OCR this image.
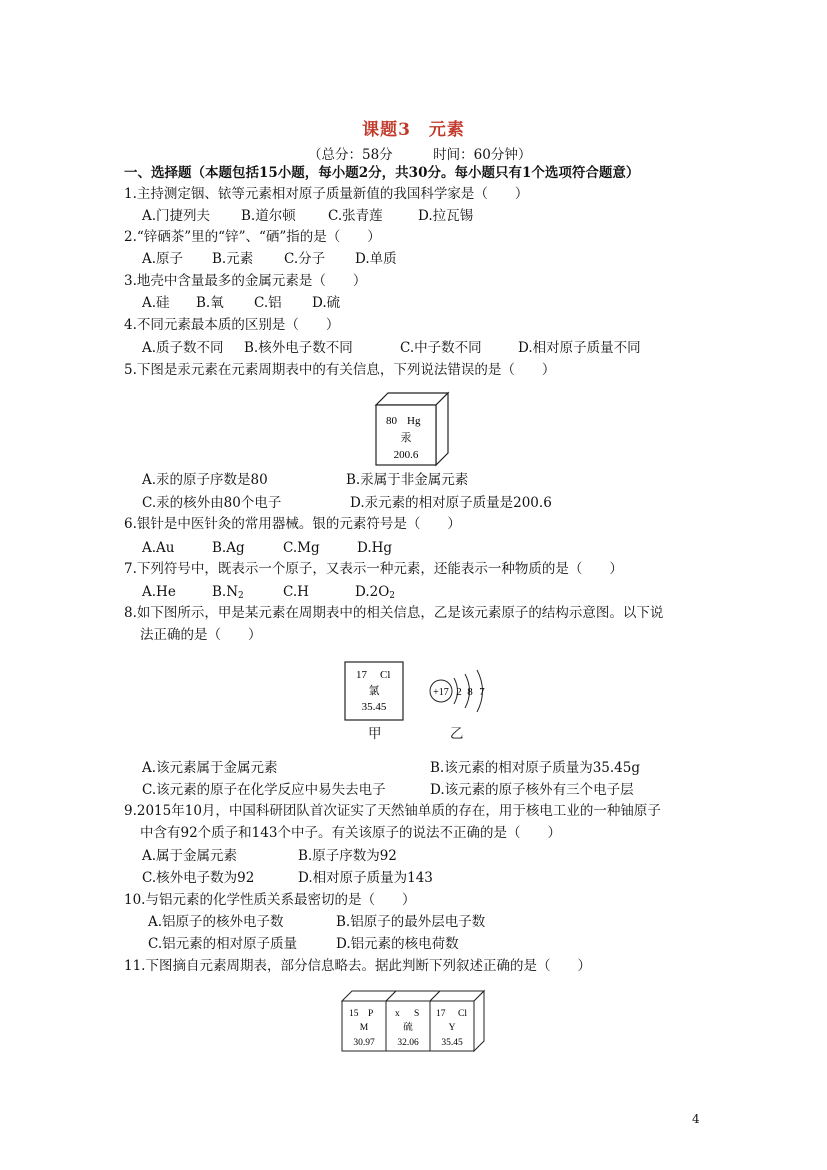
课题3　元素
（总分：58分　　　时间：60分钟）
一、选择题（本题包括15小题，每小题2分，共30分。每小题只有1个选项符合题意）
1.主持测定铟、铱等元素相对原子质量新值的我国科学家是（　　）
A.门捷列夫 B.道尔顿 C.张青莲	D.拉瓦锡
2.“锌硒茶”里的“锌”、“硒”指的是（　　）
A.原子 B.元素 C.分子 D.单质
3.地壳中含量最多的金属元素是（　　）
A.硅 B.氧 C.铝 D.硫
4.不同元素最本质的区别是（　　）
A.质子数不同 B.核外电子数不同	C.中子数不同	D.相对原子质量不同
5.下图是汞元素在元素周期表中的有关信息，下列说法错误的是（　　）
80 Hg
汞
200.6
A.汞的原子序数是80	B.汞属于非金属元素
C.汞的核外由80个电子	D.汞元素的相对原子质量是200.6
6.银针是中医针灸的常用器械。银的元素符号是（　　）
A.Au	B.Ag	C.Mg	D.Hg
7.下列符号中，既表示一个原子，又表示一种元素，还能表示一种物质的是（　　）
A.He	$B.N_2$	C.H	$D.2O_2$
8.如下图所示，甲是某元素在周期表中的相关信息，乙是该元素原子的结构示意图。以下说
法正确的是（　　）
17 Cl
氯
35.45
+17 2 8 7
甲	乙
A.该元素属于金属元素	B.该元素的相对原子质量为35.45g
C.该元素的原子在化学反应中易失去电子	D.该元素的原子核外有三个电子层
9.2015年10月，中国科研团队首次证实了天然铀单质的存在，用于核电工业的一种铀原子
中含有92个质子和143个中子。有关该原子的说法不正确的是（　　）
A.属于金属元素	B.原子序数为92
C.核外电子数为92	D.相对原子质量为143
10.与铝元素的化学性质关系最密切的是（　　）
A.铝原子的核外电子数	B.铝原子的最外层电子数
C.铝元素的相对原子质量	D.铝元素的核电荷数
11.下图摘自元素周期表，部分信息略去。据此判断下列叙述正确的是（　　）
15 P
M
30.97
x S
硫
32.06
17 Cl
Y
35.45
4
